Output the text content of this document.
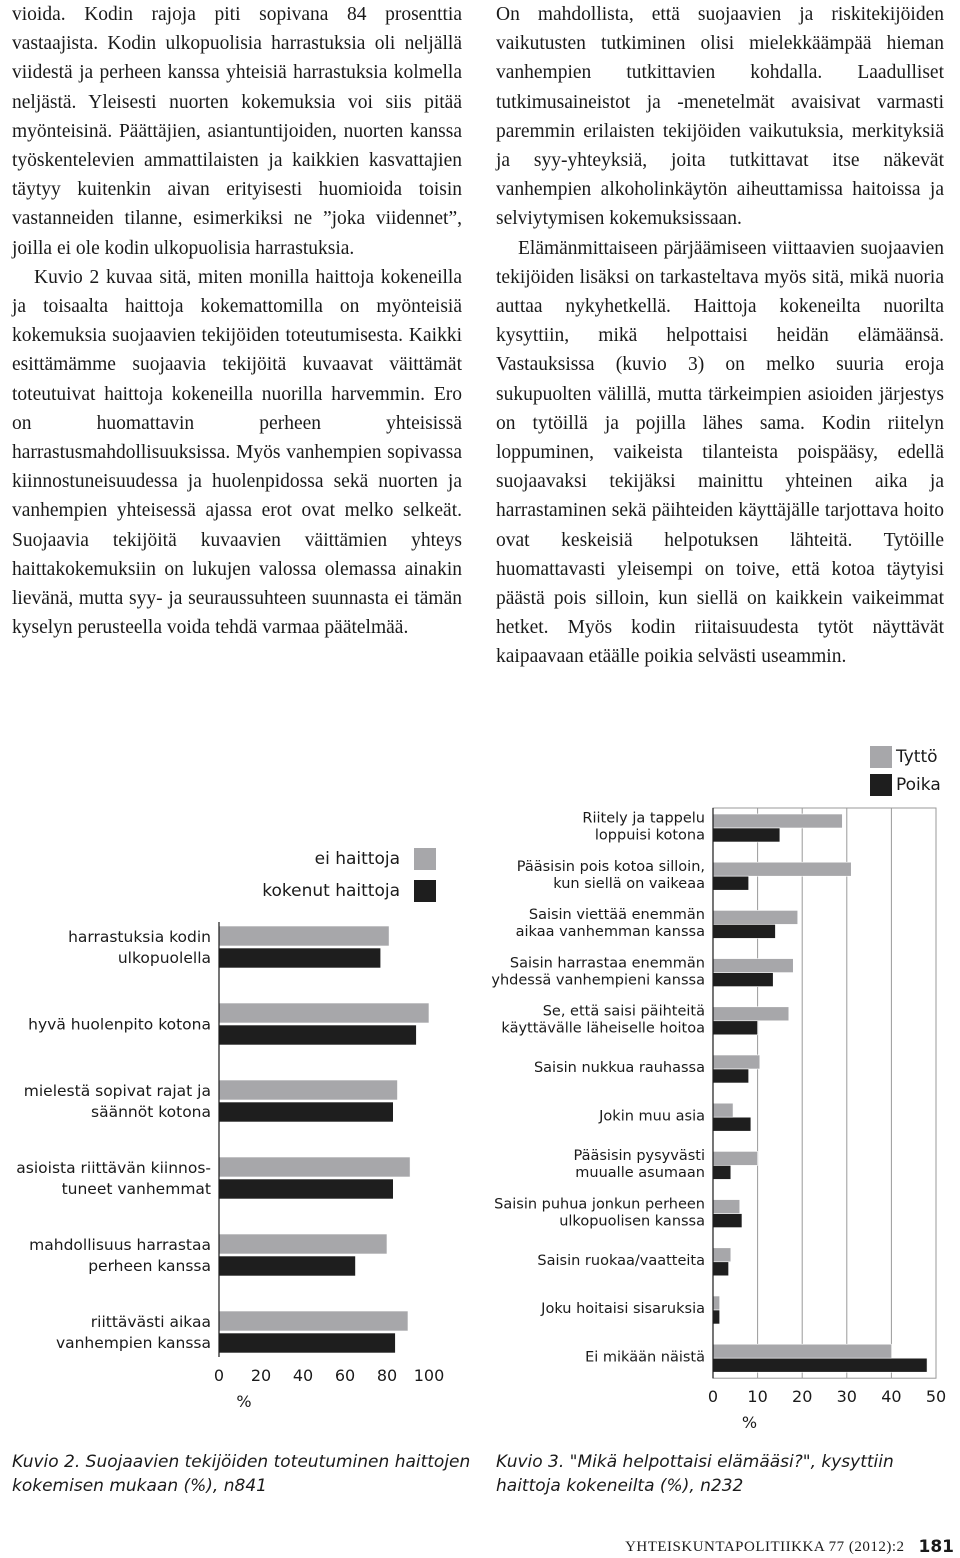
vioida. Kodin rajoja piti sopivana 84 prosenttia vastaajista. Kodin ulkopuolisia harrastuksia oli neljällä viidestä ja perheen kanssa yhteisiä harrastuksia kolmella neljästä. Yleisesti nuorten kokemuksia voi siis pitää myönteisinä. Päättäjien, asiantuntijoiden, nuorten kanssa työskentelevien ammattilaisten ja kaikkien kasvattajien täytyy kuitenkin aivan erityisesti huomioida toisin vastanneiden tilanne, esimerkiksi ne ”joka viidennet”, joilla ei ole kodin ulkopuolisia harrastuksia.

Kuvio 2 kuvaa sitä, miten monilla haittoja kokeneilla ja toisaalta haittoja kokemattomilla on myönteisiä kokemuksia suojaavien tekijöiden toteutumisesta. Kaikki esittämämme suojaavia tekijöitä kuvaavat väittämät toteutuivat haittoja kokeneilla nuorilla harvemmin. Ero on huomattavin perheen yhteisissä harrastusmahdollisuuksissa. Myös vanhempien sopivassa kiinnostuneisuudessa ja huolenpidossa sekä nuorten ja vanhempien yhteisessä ajassa erot ovat melko selkeät. Suojaavia tekijöitä kuvaavien väittämien yhteys haittakokemuksiin on lukujen valossa olemassa ainakin lievänä, mutta syy- ja seuraussuhteen suunnasta ei tämän kyselyn perusteella voida tehdä varmaa päätelmää.

On mahdollista, että suojaavien ja riskitekijöiden vaikutusten tutkiminen olisi mielekkäämpää hieman vanhempien tutkittavien kohdalla. Laadulliset tutkimusaineistot ja -menetelmät avaisivat varmasti paremmin erilaisten tekijöiden vaikutuksia, merkityksiä ja syy-yhteyksiä, joita tutkittavat itse näkevät vanhempien alkoholinkäytön aiheuttamissa haitoissa ja selviytymisen kokemuksissaan.

Elämänmittaiseen pärjäämiseen viittaavien suojaavien tekijöiden lisäksi on tarkasteltava myös sitä, mikä nuoria auttaa nykyhetkellä. Haittoja kokeneilta nuorilta kysyttiin, mikä helpottaisi heidän elämäänsä. Vastauksissa (kuvio 3) on melko suuria eroja sukupuolten välillä, mutta tärkeimpien asioiden järjestys on tytöillä ja pojilla lähes sama. Kodin riitelyn loppuminen, vaikeista tilanteista poispääsy, edellä suojaavaksi tekijäksi mainittu yhteinen aika ja harrastaminen sekä päihteiden käyttäjälle tarjottava hoito ovat keskeisiä helpotuksen lähteitä. Tytöille huomattavasti yleisempi on toive, että kotoa täytyisi päästä pois silloin, kun siellä on kaikkein vaikeimmat hetket. Myös kodin riitaisuudesta tytöt näyttävät kaipaavaan etäälle poikia selvästi useammin.

harrastuksia kodin
ulkopuolella
hyvä huolenpito kotona
mielestä sopivat rajat ja
säännöt kotona
asioista riittävän kiinnos-
tuneet vanhemmat
mahdollisuus harrastaa
perheen kanssa
riittävästi aikaa
vanhempien kanssa
0 20 40 60 80 100
%
ei haittoja
kokenut haittoja
Riitely ja tappelu
loppuisi kotona
Pääsisin pois kotoa silloin,
kun siellä on vaikeaa
Saisin viettää enemmän
aikaa vanhemman kanssa
Saisin harrastaa enemmän
yhdessä vanhempieni kanssa
Se, että saisi päihteitä
käyttävälle läheiselle hoitoa
Saisin nukkua rauhassa
Jokin muu asia
Pääsisin pysyvästi
muualle asumaan
Saisin puhua jonkun perheen
ulkopuolisen kanssa
Saisin ruokaa/vaatteita
Joku hoitaisi sisaruksia
Ei mikään näistä
0 10 20 30 40 50
%
Tyttö
Poika
Kuvio 2. Suojaavien tekijöiden toteutuminen haittojen kokemisen mukaan (%), n841
Kuvio 3. "Mikä helpottaisi elämääsi?", kysyttiin haittoja kokeneilta (%), n232
YHTEISKUNTAPOLITIIKKA 77 (2012):2 181
